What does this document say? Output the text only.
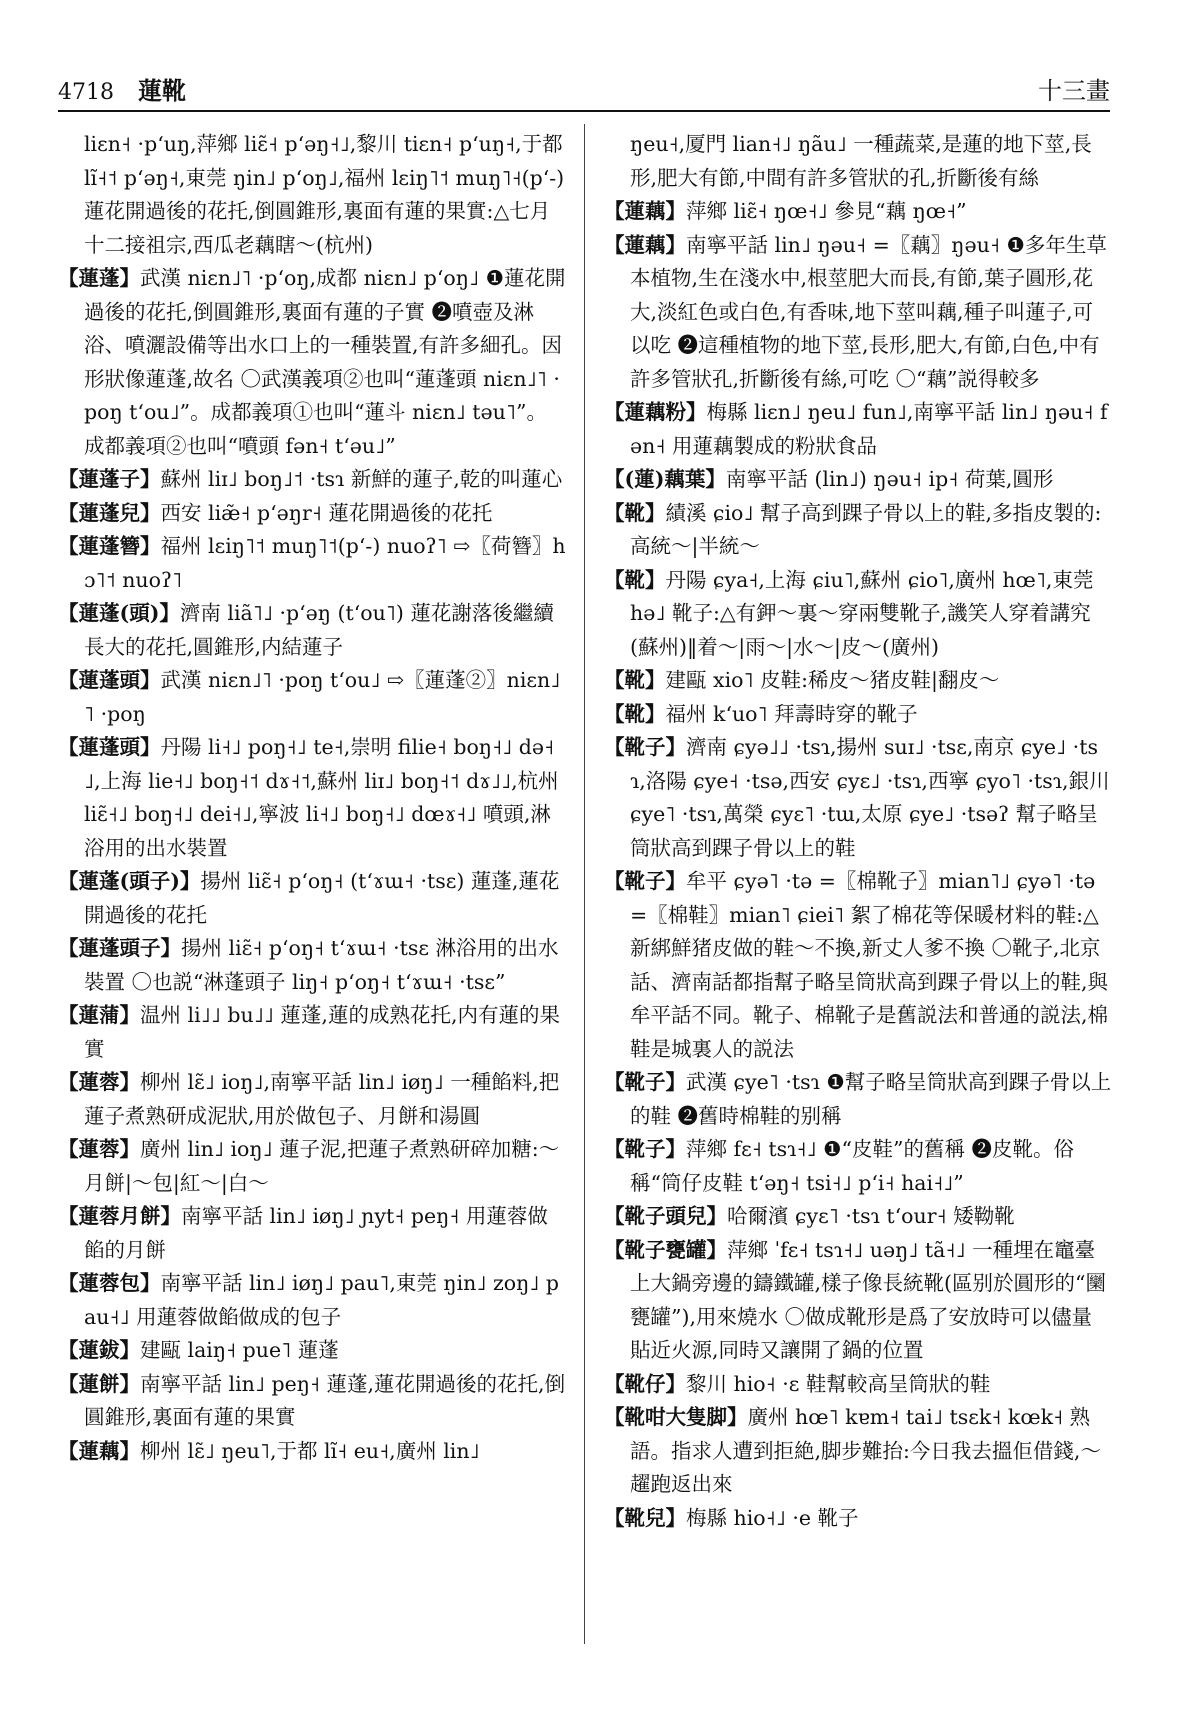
4718 蓮靴	十三畫
liɛn˧ ·pʻuŋ,萍鄉 liɛ̃˧ pʻəŋ˧˩,黎川 tiɛn˧ pʻuŋ˧,于都 lĩ˧˦ pʻəŋ˧,東莞 ŋin˩ pʻoŋ˩,福州 lɛiŋ˥˦ muŋ˥˧(pʻ-) 蓮花開過後的花托,倒圓錐形,裏面有蓮的果實:△七月十二接祖宗,西瓜老藕瞎～(杭州)
【蓮蓬】武漢 niɛn˩˥ ·pʻoŋ,成都 niɛn˩ pʻoŋ˩ ❶蓮花開過後的花托,倒圓錐形,裏面有蓮的子實 ❷噴壺及淋浴、噴灑設備等出水口上的一種裝置,有許多細孔。因形狀像蓮蓬,故名 〇武漢義項②也叫“蓮蓬頭 niɛn˩˥ ·poŋ tʻou˩”。成都義項①也叫“蓮斗 niɛn˩ təu˥”。成都義項②也叫“噴頭 fən˧ tʻəu˩”
【蓮蓬子】蘇州 liɪ˩ boŋ˩˦ ·tsɿ 新鮮的蓮子,乾的叫蓮心
【蓮蓬兒】西安 liæ̃˧ pʻəŋr˧ 蓮花開過後的花托
【蓮蓬簪】福州 lɛiŋ˥˦ muŋ˥˦(pʻ-) nuoʔ˥ ⇨〖荷簪〗hɔ˥˦ nuoʔ˥
【蓮蓬(頭)】濟南 liã˥˩ ·pʻəŋ (tʻou˥) 蓮花謝落後繼續長大的花托,圓錐形,内結蓮子
【蓮蓬頭】武漢 niɛn˩˥ ·poŋ tʻou˩ ⇨〖蓮蓬②〗niɛn˩˥ ·poŋ
【蓮蓬頭】丹陽 li˧˩ poŋ˧˩ te˧,崇明 filie˧ boŋ˧˩ də˧˩,上海 lie˧˩ boŋ˧˦ dɤ˧˦,蘇州 liɪ˩ boŋ˧˦ dɤ˩˩,杭州 liɛ̃˧˩ boŋ˧˩ dei˧˩,寧波 li˧˩ boŋ˧˩ dœɤ˧˩ 噴頭,淋浴用的出水裝置
【蓮蓬(頭子)】揚州 liɛ̃˧ pʻoŋ˧ (tʻɤɯ˧ ·tsɛ) 蓮蓬,蓮花開過後的花托
【蓮蓬頭子】揚州 liɛ̃˧ pʻoŋ˧ tʻɤɯ˧ ·tsɛ 淋浴用的出水裝置 〇也説“淋蓬頭子 liŋ˧ pʻoŋ˧ tʻɤɯ˧ ·tsɛ”
【蓮蒲】温州 li˩˩ bu˩˩ 蓮蓬,蓮的成熟花托,内有蓮的果實
【蓮蓉】柳州 lɛ̃˩ ioŋ˩,南寧平話 lin˩ iøŋ˩ 一種餡料,把蓮子煮熟研成泥狀,用於做包子、月餅和湯圓
【蓮蓉】廣州 lin˩ ioŋ˩ 蓮子泥,把蓮子煮熟研碎加糖:～月餅|～包|紅～|白～
【蓮蓉月餅】南寧平話 lin˩ iøŋ˩ ɲyt˧ peŋ˧ 用蓮蓉做餡的月餅
【蓮蓉包】南寧平話 lin˩ iøŋ˩ pau˥,東莞 ŋin˩ zoŋ˩ pau˧˩ 用蓮蓉做餡做成的包子
【蓮鈸】建甌 laiŋ˧ pue˥ 蓮蓬
【蓮餅】南寧平話 lin˩ peŋ˧ 蓮蓬,蓮花開過後的花托,倒圓錐形,裏面有蓮的果實
【蓮藕】柳州 lɛ̃˩ ŋeu˥,于都 lĩ˧ eu˧,廣州 lin˩
ŋeu˧,厦門 lian˧˩ ŋãu˩ 一種蔬菜,是蓮的地下莖,長形,肥大有節,中間有許多管狀的孔,折斷後有絲
【蓮藕】萍鄉 liɛ̃˧ ŋœ˧˩ 參見“藕 ŋœ˧”
【蓮藕】南寧平話 lin˩ ŋəu˧ =〖藕〗ŋəu˧ ❶多年生草本植物,生在淺水中,根莖肥大而長,有節,葉子圓形,花大,淡紅色或白色,有香味,地下莖叫藕,種子叫蓮子,可以吃 ❷這種植物的地下莖,長形,肥大,有節,白色,中有許多管狀孔,折斷後有絲,可吃 〇“藕”説得較多
【蓮藕粉】梅縣 liɛn˩ ŋeu˩ fun˩,南寧平話 lin˩ ŋəu˧ fən˧ 用蓮藕製成的粉狀食品
【(蓮)藕葉】南寧平話 (lin˩) ŋəu˧ ip˧ 荷葉,圓形
【靴】績溪 ɕio˩ 幫子高到踝子骨以上的鞋,多指皮製的:高統～|半統～
【靴】丹陽 ɕya˧,上海 ɕiu˥,蘇州 ɕio˥,廣州 hœ˥,東莞 hə˩ 靴子:△有鉀～裏～穿兩雙靴子,譏笑人穿着講究(蘇州)‖着～|雨～|水～|皮～(廣州)
【靴】建甌 xio˥ 皮鞋:稀皮～猪皮鞋|翻皮～
【靴】福州 kʻuo˥ 拜壽時穿的靴子
【靴子】濟南 ɕyə˩˩ ·tsɿ,揚州 suɪ˩ ·tsɛ,南京 ɕye˩ ·tsɿ,洛陽 ɕye˧ ·tsə,西安 ɕyɛ˩ ·tsɿ,西寧 ɕyo˥ ·tsɿ,銀川 ɕye˥ ·tsɿ,萬榮 ɕyɛ˥ ·tɯ,太原 ɕye˩ ·tsəʔ 幫子略呈筒狀高到踝子骨以上的鞋
【靴子】牟平 ɕyə˥ ·tə =〖棉靴子〗mian˥˩ ɕyə˥ ·tə =〖棉鞋〗mian˥ ɕiei˥ 絮了棉花等保暖材料的鞋:△新綁鮮猪皮做的鞋～不換,新丈人爹不換 〇靴子,北京話、濟南話都指幫子略呈筒狀高到踝子骨以上的鞋,與牟平話不同。靴子、棉靴子是舊説法和普通的説法,棉鞋是城裏人的説法
【靴子】武漢 ɕye˥ ·tsɿ ❶幫子略呈筒狀高到踝子骨以上的鞋 ❷舊時棉鞋的别稱
【靴子】萍鄉 fɛ˧ tsɿ˧˩ ❶“皮鞋”的舊稱 ❷皮靴。俗稱“筒仔皮鞋 tʻəŋ˧ tsi˧˩ pʻi˧ hai˧˩”
【靴子頭兒】哈爾濱 ɕyɛ˥ ·tsɿ tʻour˧ 矮靿靴
【靴子甕罐】萍鄉 ˈfɛ˧ tsɿ˧˩ uəŋ˩ tã˧˩ 一種埋在竈臺上大鍋旁邊的鑄鐵罐,樣子像長統靴(區别於圓形的“圞甕罐”),用來燒水 〇做成靴形是爲了安放時可以儘量貼近火源,同時又讓開了鍋的位置
【靴仔】黎川 hio˧ ·ɛ 鞋幫較高呈筒狀的鞋
【靴咁大隻脚】廣州 hœ˥ kɐm˧ tai˩ tsɛk˧ kœk˧ 熟語。指求人遭到拒絶,脚步難抬:今日我去搵佢借錢,～趯跑返出來
【靴兒】梅縣 hio˧˩ ·e 靴子
